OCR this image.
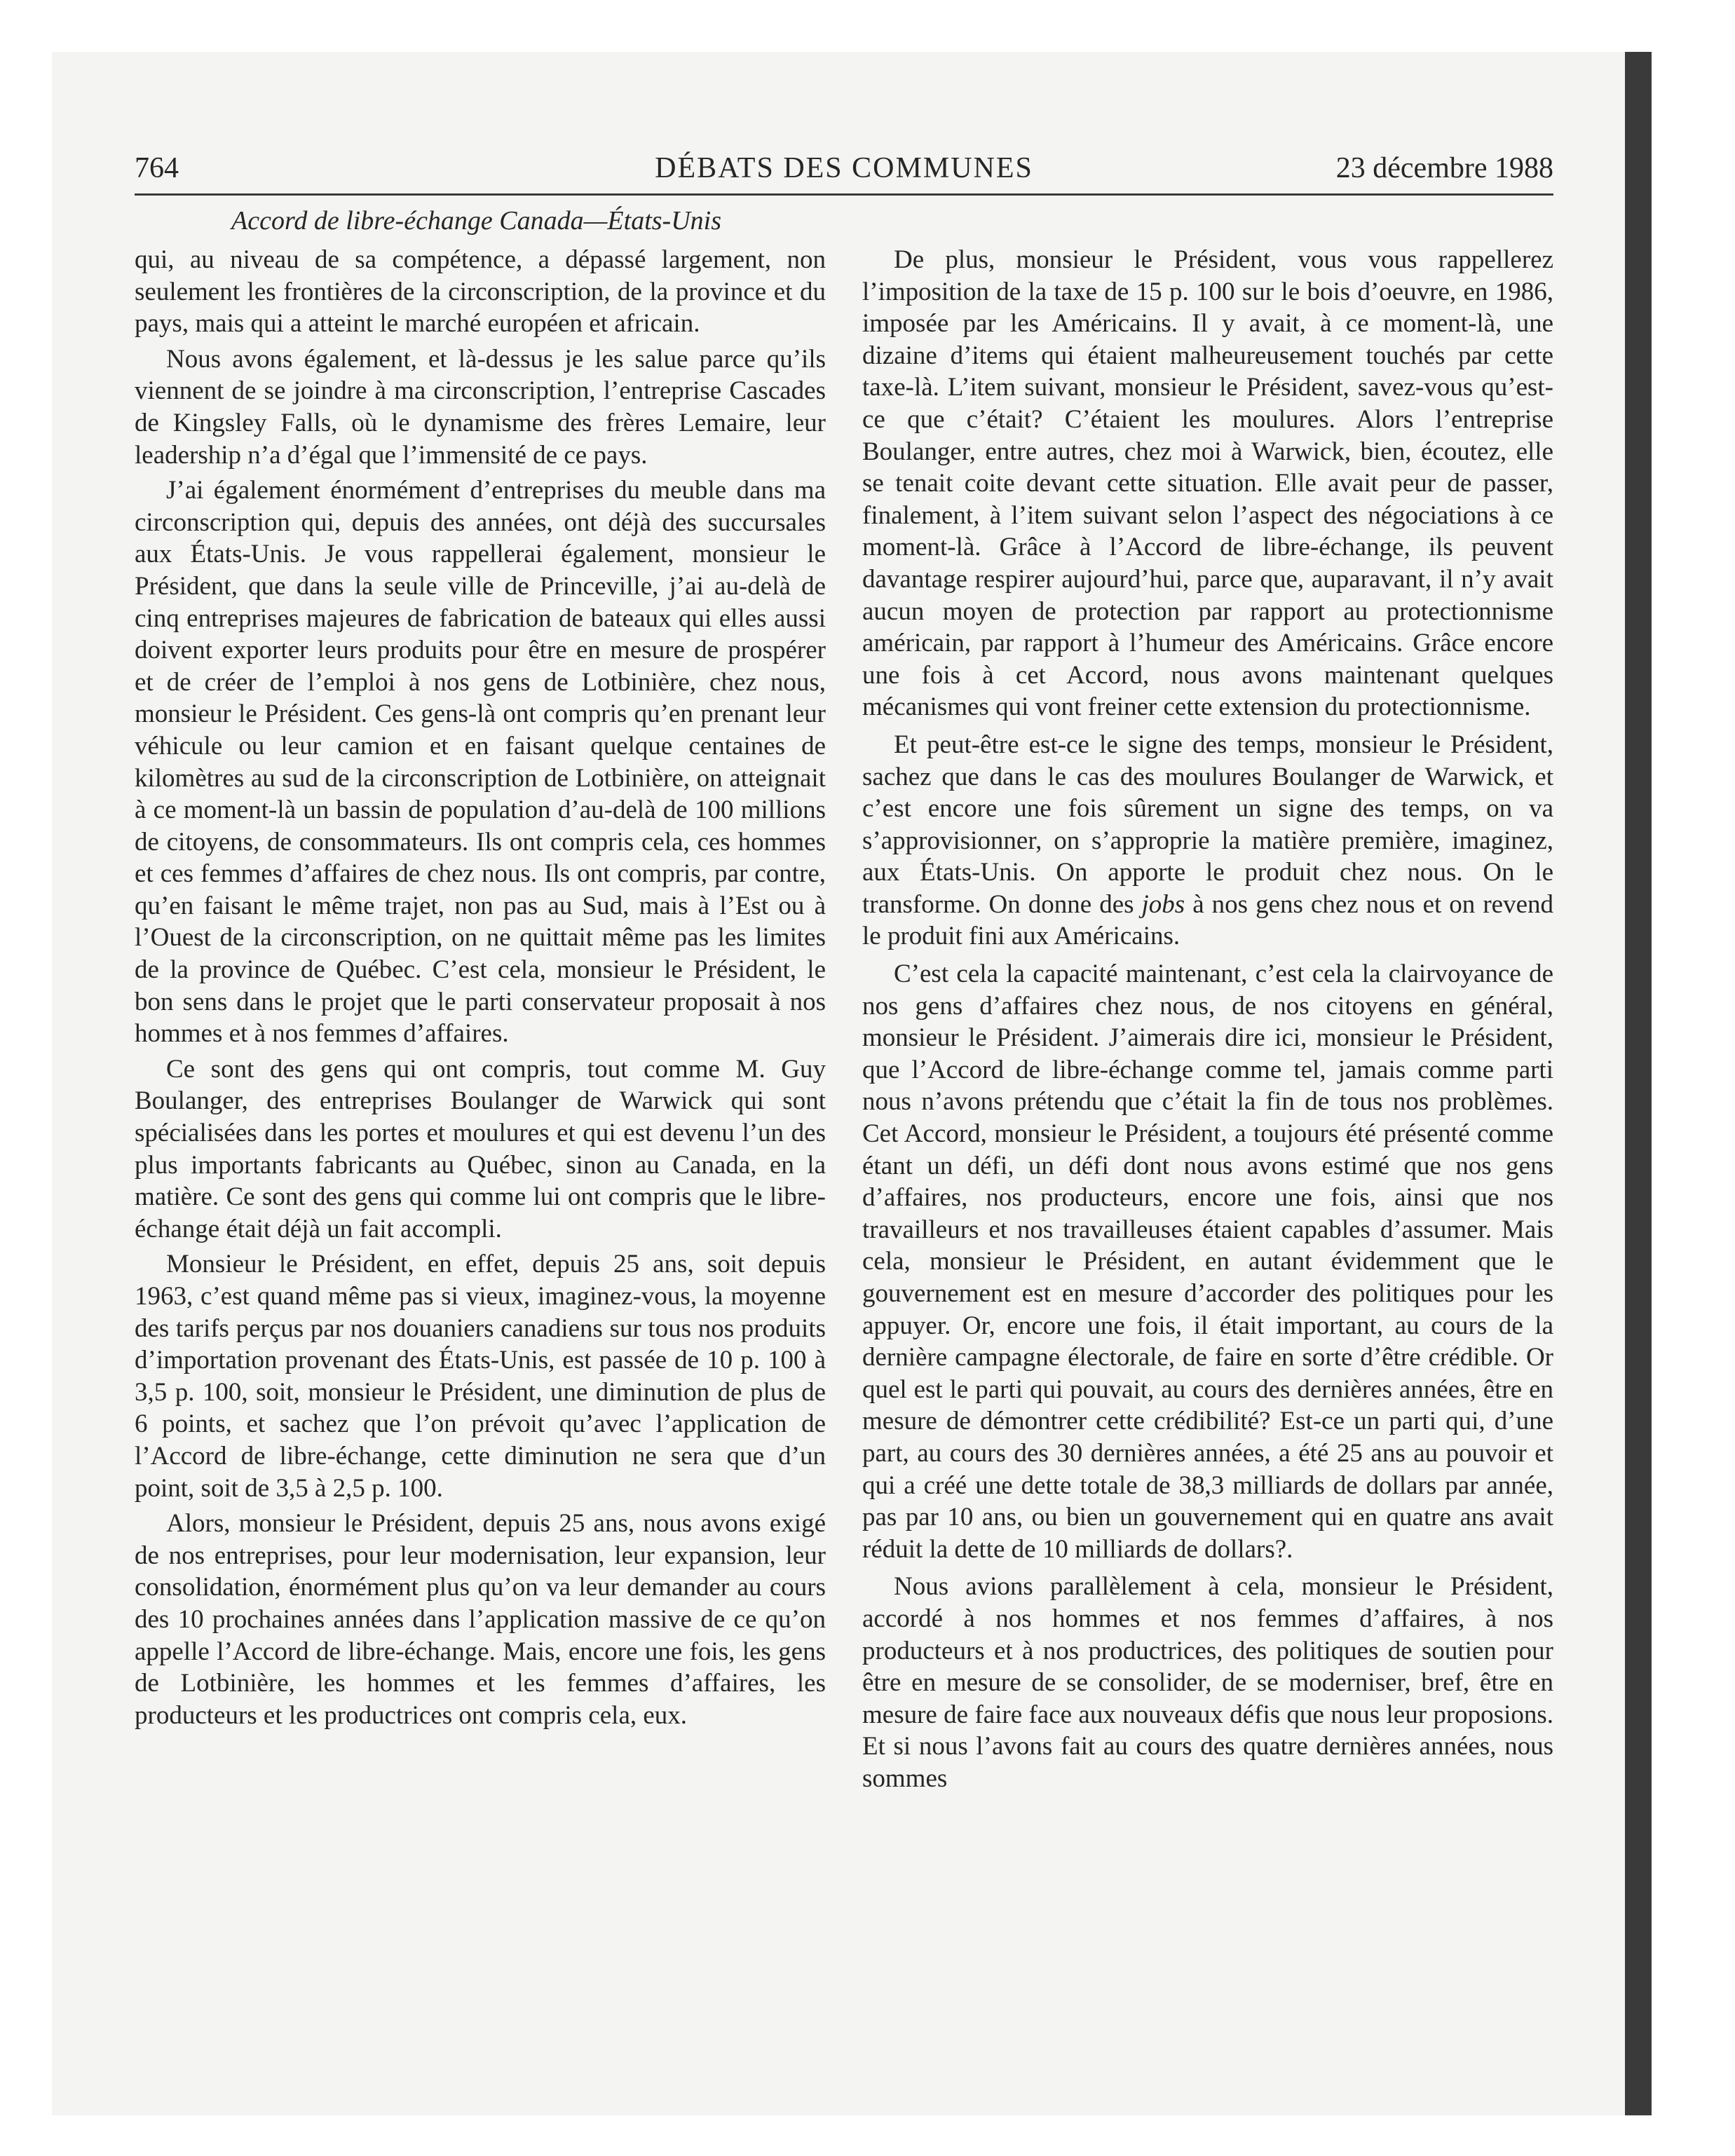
764	DÉBATS DES COMMUNES	23 décembre 1988
Accord de libre-échange Canada—États-Unis

qui, au niveau de sa compétence, a dépassé largement, non seulement les frontières de la circonscription, de la province et du pays, mais qui a atteint le marché européen et africain.

Nous avons également, et là-dessus je les salue parce qu’ils viennent de se joindre à ma circonscription, l’entreprise Cascades de Kingsley Falls, où le dynamisme des frères Lemaire, leur leadership n’a d’égal que l’immensité de ce pays.

J’ai également énormément d’entreprises du meuble dans ma circonscription qui, depuis des années, ont déjà des succursales aux États-Unis. Je vous rappellerai également, monsieur le Président, que dans la seule ville de Princeville, j’ai au-delà de cinq entreprises majeures de fabrication de bateaux qui elles aussi doivent exporter leurs produits pour être en mesure de prospérer et de créer de l’emploi à nos gens de Lotbinière, chez nous, monsieur le Président. Ces gens-là ont compris qu’en prenant leur véhicule ou leur camion et en faisant quelque centaines de kilomètres au sud de la circonscription de Lotbinière, on atteignait à ce moment-là un bassin de population d’au-delà de 100 millions de citoyens, de consommateurs. Ils ont compris cela, ces hommes et ces femmes d’affaires de chez nous. Ils ont compris, par contre, qu’en faisant le même trajet, non pas au Sud, mais à l’Est ou à l’Ouest de la circonscription, on ne quittait même pas les limites de la province de Québec. C’est cela, monsieur le Président, le bon sens dans le projet que le parti conservateur proposait à nos hommes et à nos femmes d’affaires.

Ce sont des gens qui ont compris, tout comme M. Guy Boulanger, des entreprises Boulanger de Warwick qui sont spécialisées dans les portes et moulures et qui est devenu l’un des plus importants fabricants au Québec, sinon au Canada, en la matière. Ce sont des gens qui comme lui ont compris que le libre-échange était déjà un fait accompli.

Monsieur le Président, en effet, depuis 25 ans, soit depuis 1963, c’est quand même pas si vieux, imaginez-vous, la moyenne des tarifs perçus par nos douaniers canadiens sur tous nos produits d’importation provenant des États-Unis, est passée de 10 p. 100 à 3,5 p. 100, soit, monsieur le Président, une diminution de plus de 6 points, et sachez que l’on prévoit qu’avec l’application de l’Accord de libre-échange, cette diminution ne sera que d’un point, soit de 3,5 à 2,5 p. 100.

Alors, monsieur le Président, depuis 25 ans, nous avons exigé de nos entreprises, pour leur modernisation, leur expansion, leur consolidation, énormément plus qu’on va leur demander au cours des 10 prochaines années dans l’application massive de ce qu’on appelle l’Accord de libre-échange. Mais, encore une fois, les gens de Lotbinière, les hommes et les femmes d’affaires, les producteurs et les productrices ont compris cela, eux.

De plus, monsieur le Président, vous vous rappellerez l’imposition de la taxe de 15 p. 100 sur le bois d’oeuvre, en 1986, imposée par les Américains. Il y avait, à ce moment-là, une dizaine d’items qui étaient malheureusement touchés par cette taxe-là. L’item suivant, monsieur le Président, savez-vous qu’est-ce que c’était? C’étaient les moulures. Alors l’entreprise Boulanger, entre autres, chez moi à Warwick, bien, écoutez, elle se tenait coite devant cette situation. Elle avait peur de passer, finalement, à l’item suivant selon l’aspect des négociations à ce moment-là. Grâce à l’Accord de libre-échange, ils peuvent davantage respirer aujourd’hui, parce que, auparavant, il n’y avait aucun moyen de protection par rapport au protectionnisme américain, par rapport à l’humeur des Américains. Grâce encore une fois à cet Accord, nous avons maintenant quelques mécanismes qui vont freiner cette extension du protectionnisme.

Et peut-être est-ce le signe des temps, monsieur le Président, sachez que dans le cas des moulures Boulanger de Warwick, et c’est encore une fois sûrement un signe des temps, on va s’approvisionner, on s’approprie la matière première, imaginez, aux États-Unis. On apporte le produit chez nous. On le transforme. On donne des jobs à nos gens chez nous et on revend le produit fini aux Américains.

C’est cela la capacité maintenant, c’est cela la clairvoyance de nos gens d’affaires chez nous, de nos citoyens en général, monsieur le Président. J’aimerais dire ici, monsieur le Président, que l’Accord de libre-échange comme tel, jamais comme parti nous n’avons prétendu que c’était la fin de tous nos problèmes. Cet Accord, monsieur le Président, a toujours été présenté comme étant un défi, un défi dont nous avons estimé que nos gens d’affaires, nos producteurs, encore une fois, ainsi que nos travailleurs et nos travailleuses étaient capables d’assumer. Mais cela, monsieur le Président, en autant évidemment que le gouvernement est en mesure d’accorder des politiques pour les appuyer. Or, encore une fois, il était important, au cours de la dernière campagne électorale, de faire en sorte d’être crédible. Or quel est le parti qui pouvait, au cours des dernières années, être en mesure de démontrer cette crédibilité? Est-ce un parti qui, d’une part, au cours des 30 dernières années, a été 25 ans au pouvoir et qui a créé une dette totale de 38,3 milliards de dollars par année, pas par 10 ans, ou bien un gouvernement qui en quatre ans avait réduit la dette de 10 milliards de dollars?.

Nous avions parallèlement à cela, monsieur le Président, accordé à nos hommes et nos femmes d’affaires, à nos producteurs et à nos productrices, des politiques de soutien pour être en mesure de se consolider, de se moderniser, bref, être en mesure de faire face aux nouveaux défis que nous leur proposions. Et si nous l’avons fait au cours des quatre dernières années, nous sommes
